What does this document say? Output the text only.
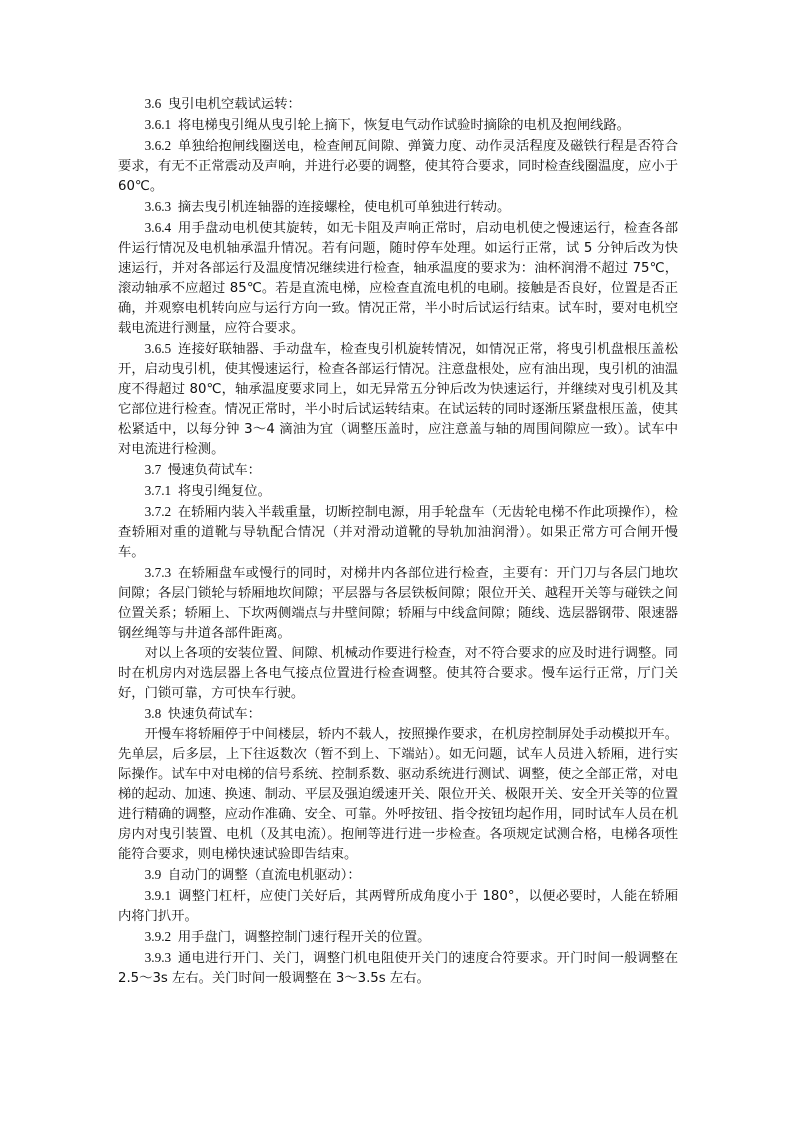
3.6 曳引电机空载试运转：

3.6.1 将电梯曳引绳从曳引轮上摘下，恢复电气动作试验时摘除的电机及抱闸线路。

3.6.2 单独给抱闸线圈送电，检查闸瓦间隙、弹簧力度、动作灵活程度及磁铁行程是否符合要求，有无不正常震动及声响，并进行必要的调整，使其符合要求，同时检查线圈温度，应小于 60℃。

3.6.3 摘去曳引机连轴器的连接螺栓，使电机可单独进行转动。

3.6.4 用手盘动电机使其旋转，如无卡阻及声响正常时，启动电机使之慢速运行，检查各部件运行情况及电机轴承温升情况。若有问题，随时停车处理。如运行正常，试 5 分钟后改为快速运行，并对各部运行及温度情况继续进行检查，轴承温度的要求为：油杯润滑不超过 75℃，滚动轴承不应超过 85℃。若是直流电梯，应检查直流电机的电刷。接触是否良好，位置是否正确，并观察电机转向应与运行方向一致。情况正常，半小时后试运行结束。试车时，要对电机空载电流进行测量，应符合要求。

3.6.5 连接好联轴器、手动盘车，检查曳引机旋转情况，如情况正常，将曳引机盘根压盖松开，启动曳引机，使其慢速运行，检查各部运行情况。注意盘根处，应有油出现，曳引机的油温度不得超过 80℃，轴承温度要求同上，如无异常五分钟后改为快速运行，并继续对曳引机及其它部位进行检查。情况正常时，半小时后试运转结束。在试运转的同时逐渐压紧盘根压盖，使其松紧适中，以每分钟 3～4 滴油为宜（调整压盖时，应注意盖与轴的周围间隙应一致）。试车中对电流进行检测。

3.7 慢速负荷试车：

3.7.1 将曳引绳复位。

3.7.2 在轿厢内装入半载重量，切断控制电源，用手轮盘车（无齿轮电梯不作此项操作），检查轿厢对重的道靴与导轨配合情况（并对滑动道靴的导轨加油润滑）。如果正常方可合闸开慢车。

3.7.3 在轿厢盘车或慢行的同时，对梯井内各部位进行检查，主要有：开门刀与各层门地坎间隙；各层门锁轮与轿厢地坎间隙；平层器与各层铁板间隙；限位开关、越程开关等与碰铁之间位置关系；轿厢上、下坎两侧端点与井壁间隙；轿厢与中线盒间隙；随线、选层器钢带、限速器钢丝绳等与井道各部件距离。

对以上各项的安装位置、间隙、机械动作要进行检查，对不符合要求的应及时进行调整。同时在机房内对选层器上各电气接点位置进行检查调整。使其符合要求。慢车运行正常，厅门关好，门锁可靠，方可快车行驶。

3.8 快速负荷试车：

开慢车将轿厢停于中间楼层，轿内不载人，按照操作要求，在机房控制屏处手动模拟开车。先单层，后多层，上下往返数次（暂不到上、下端站）。如无问题，试车人员进入轿厢，进行实际操作。试车中对电梯的信号系统、控制系数、驱动系统进行测试、调整，使之全部正常，对电梯的起动、加速、换速、制动、平层及强迫缓速开关、限位开关、极限开关、安全开关等的位置进行精确的调整，应动作准确、安全、可靠。外呼按钮、指令按钮均起作用，同时试车人员在机房内对曳引装置、电机（及其电流）。抱闸等进行进一步检查。各项规定试测合格，电梯各项性能符合要求，则电梯快速试验即告结束。

3.9 自动门的调整（直流电机驱动）：

3.9.1 调整门杠杆，应使门关好后，其两臂所成角度小于 180°，以便必要时，人能在轿厢内将门扒开。

3.9.2 用手盘门，调整控制门速行程开关的位置。

3.9.3 通电进行开门、关门，调整门机电阻使开关门的速度合符要求。开门时间一般调整在 2.5～3s 左右。关门时间一般调整在 3～3.5s 左右。
